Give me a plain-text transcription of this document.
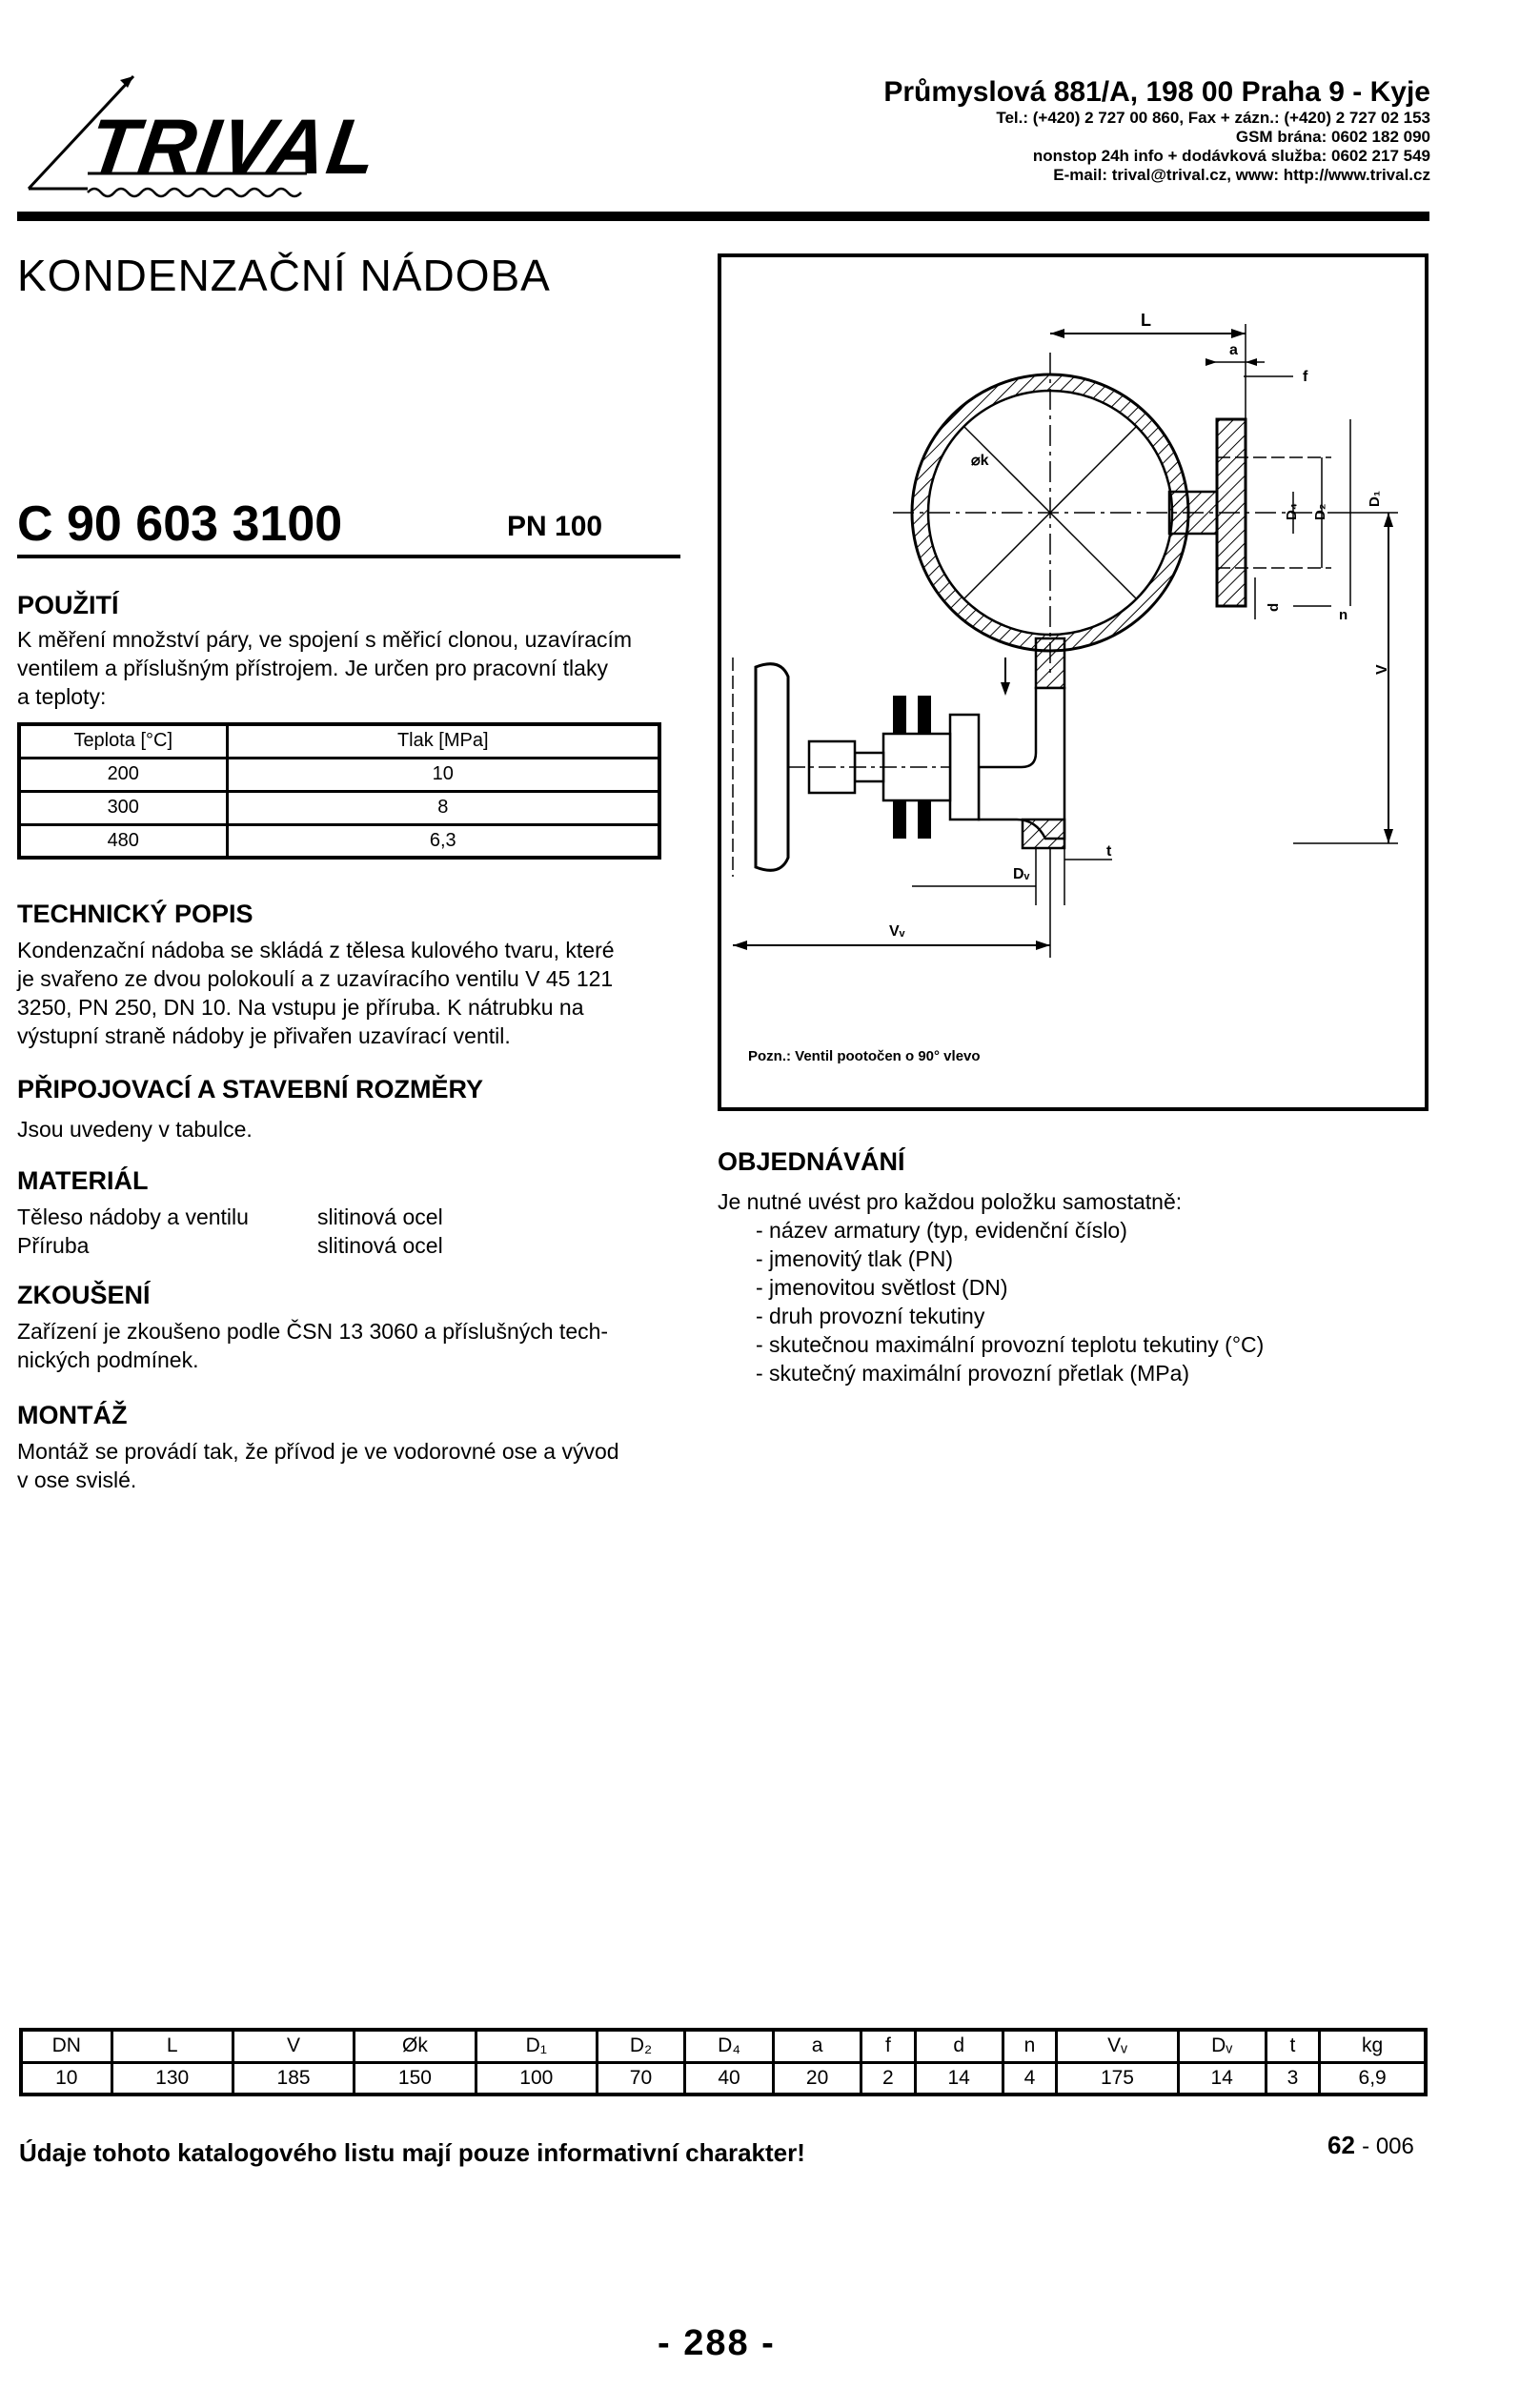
TRIVAL
Průmyslová 881/A, 198 00 Praha 9 - Kyje
Tel.: (+420) 2 727 00 860, Fax + zázn.: (+420) 2 727 02 153
GSM brána: 0602 182 090
nonstop 24h info + dodávková služba: 0602 217 549
E-mail: trival@trival.cz, www: http://www.trival.cz
KONDENZAČNÍ NÁDOBA
C 90 603 3100	PN 100
POUŽITÍ
K měření množství páry, ve spojení s měřicí clonou, uzavíracím
ventilem a příslušným přístrojem. Je určen pro pracovní tlaky
a teploty:
Teplota [°C]	Tlak [MPa]
200	10
300	8
480	6,3
TECHNICKÝ POPIS
Kondenzační nádoba se skládá z tělesa kulového tvaru, které
je svařeno ze dvou polokoulí a z uzavíracího ventilu V 45 121
3250, PN 250, DN 10. Na vstupu je příruba. K nátrubku na
výstupní straně nádoby je přivařen uzavírací ventil.
PŘIPOJOVACÍ A STAVEBNÍ ROZMĚRY
Jsou uvedeny v tabulce.
MATERIÁL
Těleso nádoby a ventilu	slitinová ocel
Příruba	slitinová ocel
ZKOUŠENÍ
Zařízení je zkoušeno podle ČSN 13 3060 a příslušných tech-
nických podmínek.
MONTÁŽ
Montáž se provádí tak, že přívod je ve vodorovné ose a vývod
v ose svislé.
L
a
f
⌀k
D₄ D₂
D₁
d	n
V
Dᵥ
t
Vᵥ
Pozn.: Ventil pootočen o 90° vlevo
OBJEDNÁVÁNÍ
Je nutné uvést pro každou položku samostatně:
- název armatury (typ, evidenční číslo)
- jmenovitý tlak (PN)
- jmenovitou světlost (DN)
- druh provozní tekutiny
- skutečnou maximální provozní teplotu tekutiny (°C)
- skutečný maximální provozní přetlak (MPa)
DN	L	V	Øk	D₁	D₂	D₄	a	f	d	n	Vᵥ	Dᵥ	t	kg
10	130	185	150	100	70	40	20	2	14	4	175	14	3	6,9
Údaje tohoto katalogového listu mají pouze informativní charakter!	62 - 006
- 288 -
